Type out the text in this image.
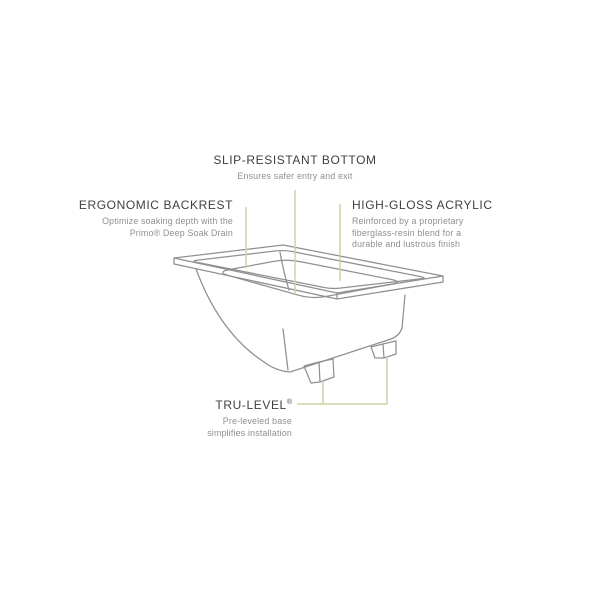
SLIP-RESISTANT BOTTOM
Ensures safer entry and exit
ERGONOMIC BACKREST
Optimize soaking depth with the
Primo® Deep Soak Drain
HIGH-GLOSS ACRYLIC
Reinforced by a proprietary
fiberglass-resin blend for a
durable and lustrous finish
TRU-LEVEL®
Pre-leveled base
simplifies installation
